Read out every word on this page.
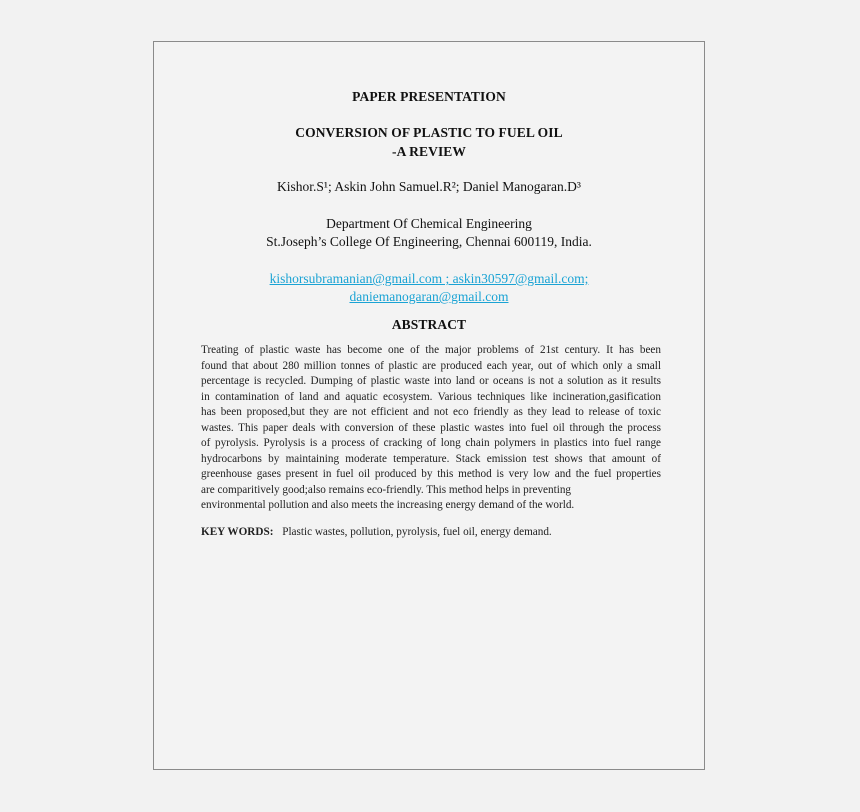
PAPER PRESENTATION
CONVERSION OF PLASTIC TO FUEL OIL
-A REVIEW
Kishor.S¹; Askin John Samuel.R²; Daniel Manogaran.D³
Department Of Chemical Engineering
St.Joseph’s College Of Engineering, Chennai 600119, India.
kishorsubramanian@gmail.com ; askin30597@gmail.com;
daniemanogaran@gmail.com
ABSTRACT
Treating of plastic waste has become one of the major problems of 21st century. It has been
found that about 280 million tonnes of plastic are produced each year, out of which only a small
percentage is recycled. Dumping of plastic waste into land or oceans is not a solution as it results
in contamination of land and aquatic ecosystem. Various techniques like incineration,gasification
has been proposed,but they are not efficient and not eco friendly as they lead to release of toxic
wastes. This paper deals with conversion of these plastic wastes into fuel oil through the process
of pyrolysis. Pyrolysis is a process of cracking of long chain polymers in plastics into fuel range
hydrocarbons by maintaining moderate temperature. Stack emission test shows that amount of
greenhouse gases present in fuel oil produced by this method is very low and the fuel properties
are comparitively good;also remains eco-friendly. This method helps in preventing
environmental pollution and also meets the increasing energy demand of the world.
KEY WORDS: Plastic wastes, pollution, pyrolysis, fuel oil, energy demand.
